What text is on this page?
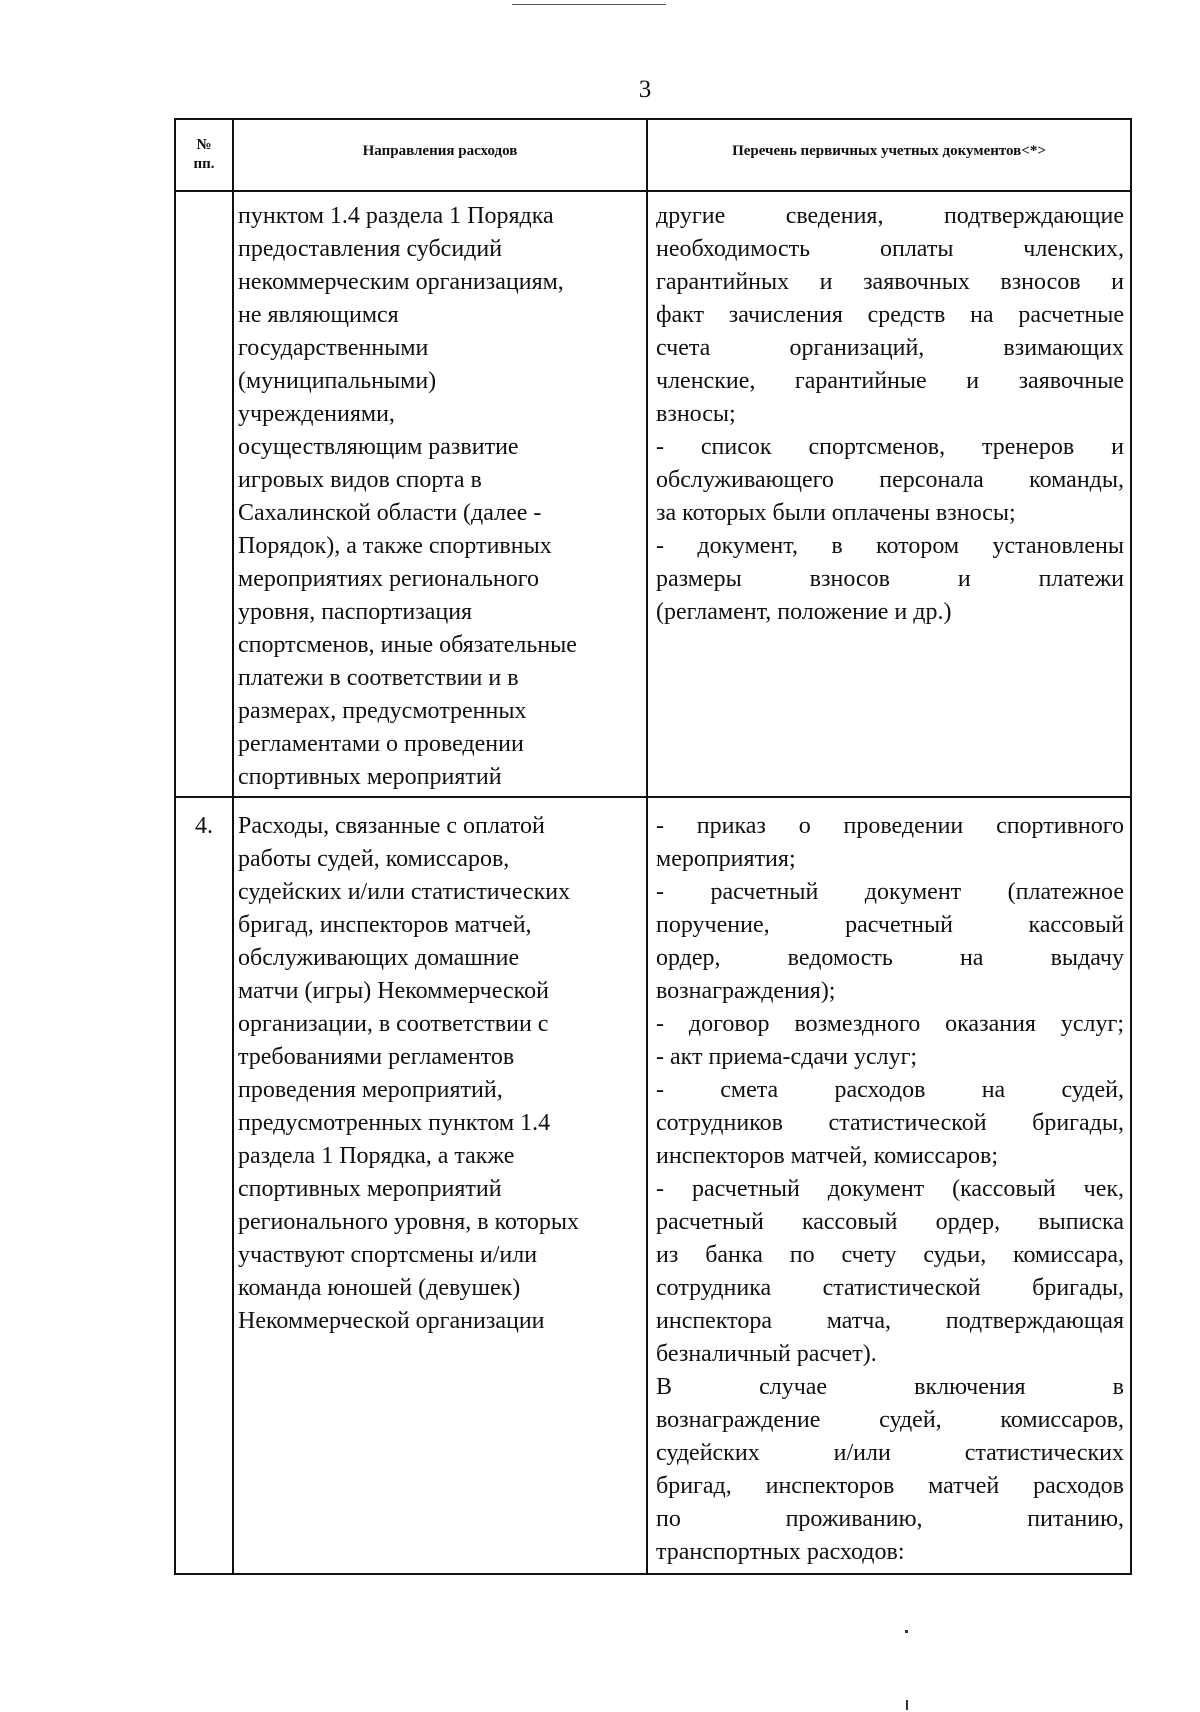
3
№
пп.
Направления расходов	Перечень первичных учетных документов<*>
пунктом 1.4 раздела 1 Порядка
предоставления субсидий
некоммерческим организациям,
не являющимся
государственными
(муниципальными)
учреждениями,
осуществляющим развитие
игровых видов спорта в
Сахалинской области (далее -
Порядок), а также спортивных
мероприятиях регионального
уровня, паспортизация
спортсменов, иные обязательные
платежи в соответствии и в
размерах, предусмотренных
регламентами о проведении
спортивных мероприятий
другие сведения, подтверждающие
необходимость оплаты членских,
гарантийных и заявочных взносов и
факт зачисления средств на расчетные
счета организаций, взимающих
членские, гарантийные и заявочные
взносы;
- список спортсменов, тренеров и
обслуживающего персонала команды,
за которых были оплачены взносы;
- документ, в котором установлены
размеры взносов и платежи
(регламент, положение и др.)
4.	Расходы, связанные с оплатой
работы судей, комиссаров,
судейских и/или статистических
бригад, инспекторов матчей,
обслуживающих домашние
матчи (игры) Некоммерческой
организации, в соответствии с
требованиями регламентов
проведения мероприятий,
предусмотренных пунктом 1.4
раздела 1 Порядка, а также
спортивных мероприятий
регионального уровня, в которых
участвуют спортсмены и/или
команда юношей (девушек)
Некоммерческой организации
- приказ о проведении спортивного
мероприятия;
- расчетный документ (платежное
поручение, расчетный кассовый
ордер, ведомость на выдачу
вознаграждения);
- договор возмездного оказания услуг;
- акт приема-сдачи услуг;
- смета расходов на судей,
сотрудников статистической бригады,
инспекторов матчей, комиссаров;
- расчетный документ (кассовый чек,
расчетный кассовый ордер, выписка
из банка по счету судьи, комиссара,
сотрудника статистической бригады,
инспектора матча, подтверждающая
безналичный расчет).
В случае включения в
вознаграждение судей, комиссаров,
судейских и/или статистических
бригад, инспекторов матчей расходов
по проживанию, питанию,
транспортных расходов:
